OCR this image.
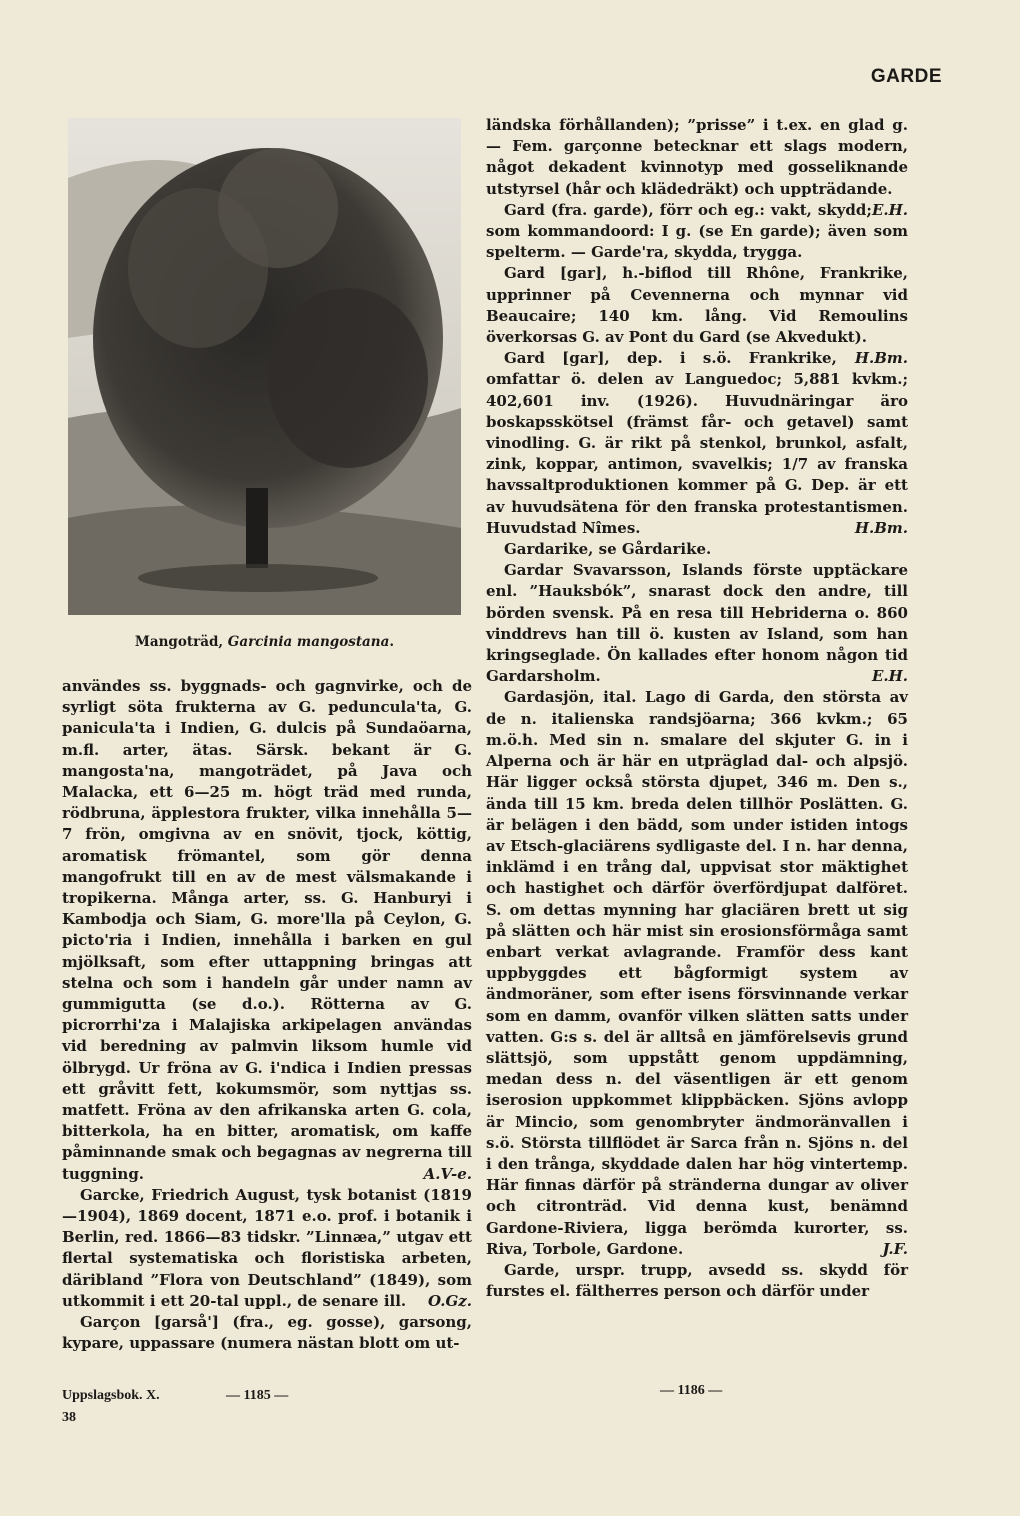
GARDE
Mangoträd, Garcinia mangostana.

användes ss. byggnads- och gagnvirke, och de syrligt söta frukterna av G. peduncula'ta, G. panicula'ta i Indien, G. dulcis på Sundaöarna, m.fl. arter, ätas. Särsk. bekant är G. mangosta'na, mangoträdet, på Java och Malacka, ett 6—25 m. högt träd med runda, rödbruna, äpplestora frukter, vilka innehålla 5—7 frön, omgivna av en snövit, tjock, köttig, aromatisk frömantel, som gör denna mangofrukt till en av de mest välsmakande i tropikerna. Många arter, ss. G. Hanburyi i Kambodja och Siam, G. more'lla på Ceylon, G. picto'ria i Indien, innehålla i barken en gul mjölksaft, som efter uttappning bringas att stelna och som i handeln går under namn av gummigutta (se d.o.). Rötterna av G. picrorrhi'za i Malajiska arkipelagen användas vid beredning av palmvin liksom humle vid ölbrygd. Ur fröna av G. i'ndica i Indien pressas ett gråvitt fett, kokumsmör, som nyttjas ss. matfett. Fröna av den afrikanska arten G. cola, bitterkola, ha en bitter, aromatisk, om kaffe påminnande smak och begagnas av negrerna till tuggning.	A.V-e.

Garcke, Friedrich August, tysk botanist (1819—1904), 1869 docent, 1871 e.o. prof. i botanik i Berlin, red. 1866—83 tidskr. ”Linnæa,” utgav ett flertal systematiska och floristiska arbeten, däribland ”Flora von Deutschland” (1849), som utkommit i ett 20-tal uppl., de senare ill.	O.Gz.

Garçon [garså'] (fra., eg. gosse), garsong, kypare, uppassare (numera nästan blott om ut-

ländska förhållanden); ”prisse” i t.ex. en glad g. — Fem. garçonne betecknar ett slags modern, något dekadent kvinnotyp med gosseliknande utstyrsel (hår och klädedräkt) och uppträdande.
E.H.

Gard (fra. garde), förr och eg.: vakt, skydd; som kommandoord: I g. (se En garde); även som spelterm. — Garde'ra, skydda, trygga.

Gard [gar], h.-biflod till Rhône, Frankrike, upprinner på Cevennerna och mynnar vid Beaucaire; 140 km. lång. Vid Remoulins överkorsas G. av Pont du Gard (se Akvedukt).
H.Bm.

Gard [gar], dep. i s.ö. Frankrike, omfattar ö. delen av Languedoc; 5,881 kvkm.; 402,601 inv. (1926). Huvudnäringar äro boskapsskötsel (främst får- och getavel) samt vinodling. G. är rikt på stenkol, brunkol, asfalt, zink, koppar, antimon, svavelkis; 1/7 av franska havssaltproduktionen kommer på G. Dep. är ett av huvudsätena för den franska protestantismen. Huvudstad Nîmes.	H.Bm.

Gardarike, se Gårdarike.

Gardar Svavarsson, Islands förste upptäckare enl. ”Hauksbók”, snarast dock den andre, till börden svensk. På en resa till Hebriderna o. 860 vinddrevs han till ö. kusten av Island, som han kringseglade. Ön kallades efter honom någon tid Gardarsholm.	E.H.

Gardasjön, ital. Lago di Garda, den största av de n. italienska randsjöarna; 366 kvkm.; 65 m.ö.h. Med sin n. smalare del skjuter G. in i Alperna och är här en utpräglad dal- och alpsjö. Här ligger också största djupet, 346 m. Den s., ända till 15 km. breda delen tillhör Poslätten. G. är belägen i den bädd, som under istiden intogs av Etsch-glaciärens sydligaste del. I n. har denna, inklämd i en trång dal, uppvisat stor mäktighet och hastighet och därför överfördjupat dalföret. S. om dettas mynning har glaciären brett ut sig på slätten och här mist sin erosionsförmåga samt enbart verkat avlagrande. Framför dess kant uppbyggdes ett bågformigt system av ändmoräner, som efter isens försvinnande verkar som en damm, ovanför vilken slätten satts under vatten. G:s s. del är alltså en jämförelsevis grund slättsjö, som uppstått genom uppdämning, medan dess n. del väsentligen är ett genom iserosion uppkommet klippbäcken. Sjöns avlopp är Mincio, som genombryter ändmoränvallen i s.ö. Största tillflödet är Sarca från n. Sjöns n. del i den trånga, skyddade dalen har hög vintertemp. Här finnas därför på stränderna dungar av oliver och citronträd. Vid denna kust, benämnd Gardone-Riviera, ligga berömda kurorter, ss. Riva, Torbole, Gardone.	J.F.

Garde, urspr. trupp, avsedd ss. skydd för furstes el. fältherres person och därför under

Uppslagsbok. X.
38
— 1185 —	— 1186 —
